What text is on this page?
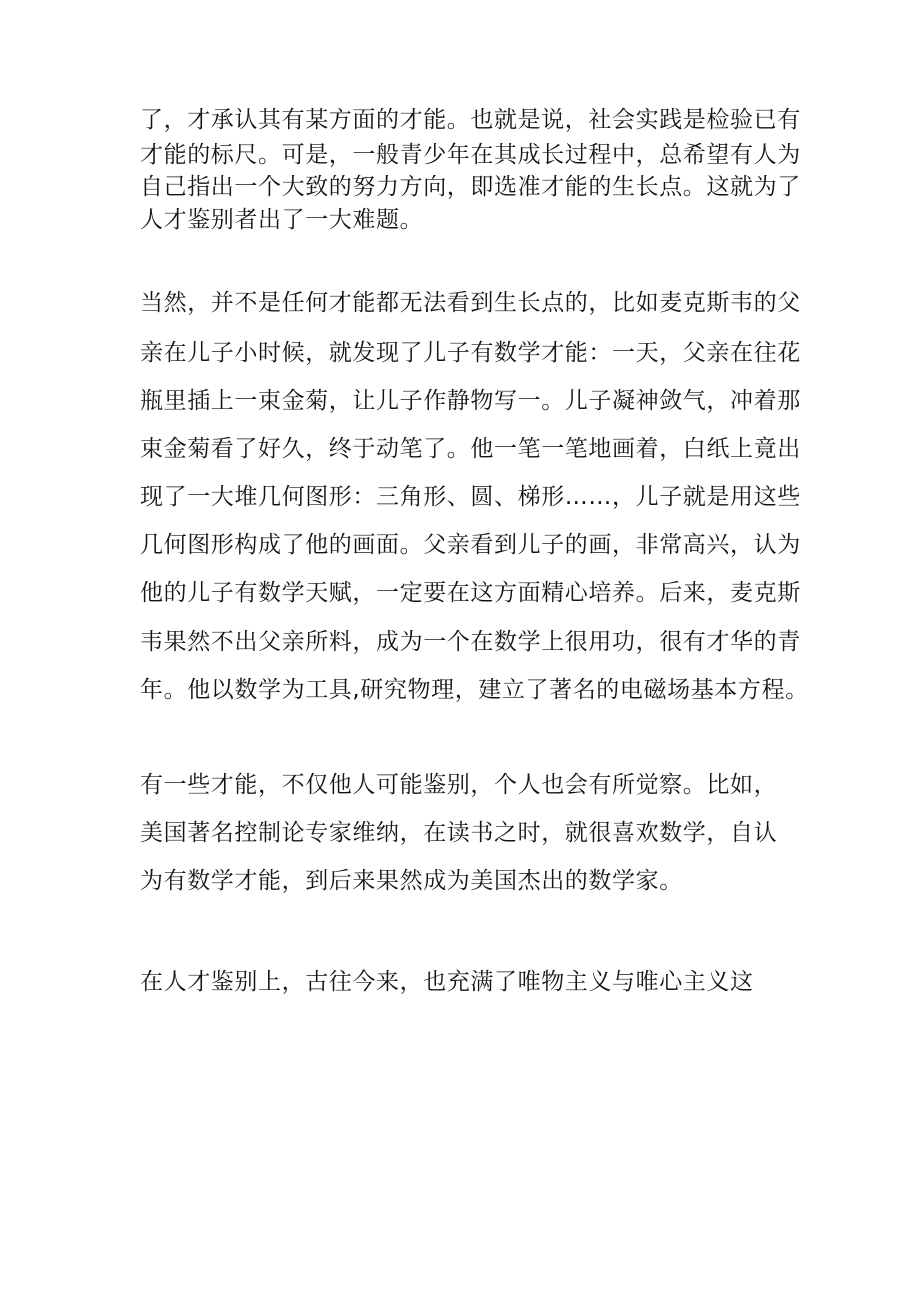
了，才承认其有某方面的才能。也就是说，社会实践是检验已有

才能的标尺。可是，一般青少年在其成长过程中，总希望有人为

自己指出一个大致的努力方向，即选准才能的生长点。这就为了

人才鉴别者出了一大难题。

当然，并不是任何才能都无法看到生长点的，比如麦克斯韦的父

亲在儿子小时候，就发现了儿子有数学才能：一天，父亲在往花

瓶里插上一束金菊，让儿子作静物写一。儿子凝神敛气，冲着那

束金菊看了好久，终于动笔了。他一笔一笔地画着，白纸上竟出

现了一大堆几何图形：三角形、圆、梯形……，儿子就是用这些

几何图形构成了他的画面。父亲看到儿子的画，非常高兴，认为

他的儿子有数学天赋，一定要在这方面精心培养。后来，麦克斯

韦果然不出父亲所料，成为一个在数学上很用功，很有才华的青

年。他以数学为工具,研究物理，建立了著名的电磁场基本方程。

有一些才能，不仅他人可能鉴别，个人也会有所觉察。比如，

美国著名控制论专家维纳，在读书之时，就很喜欢数学，自认

为有数学才能，到后来果然成为美国杰出的数学家。

在人才鉴别上，古往今来，也充满了唯物主义与唯心主义这
